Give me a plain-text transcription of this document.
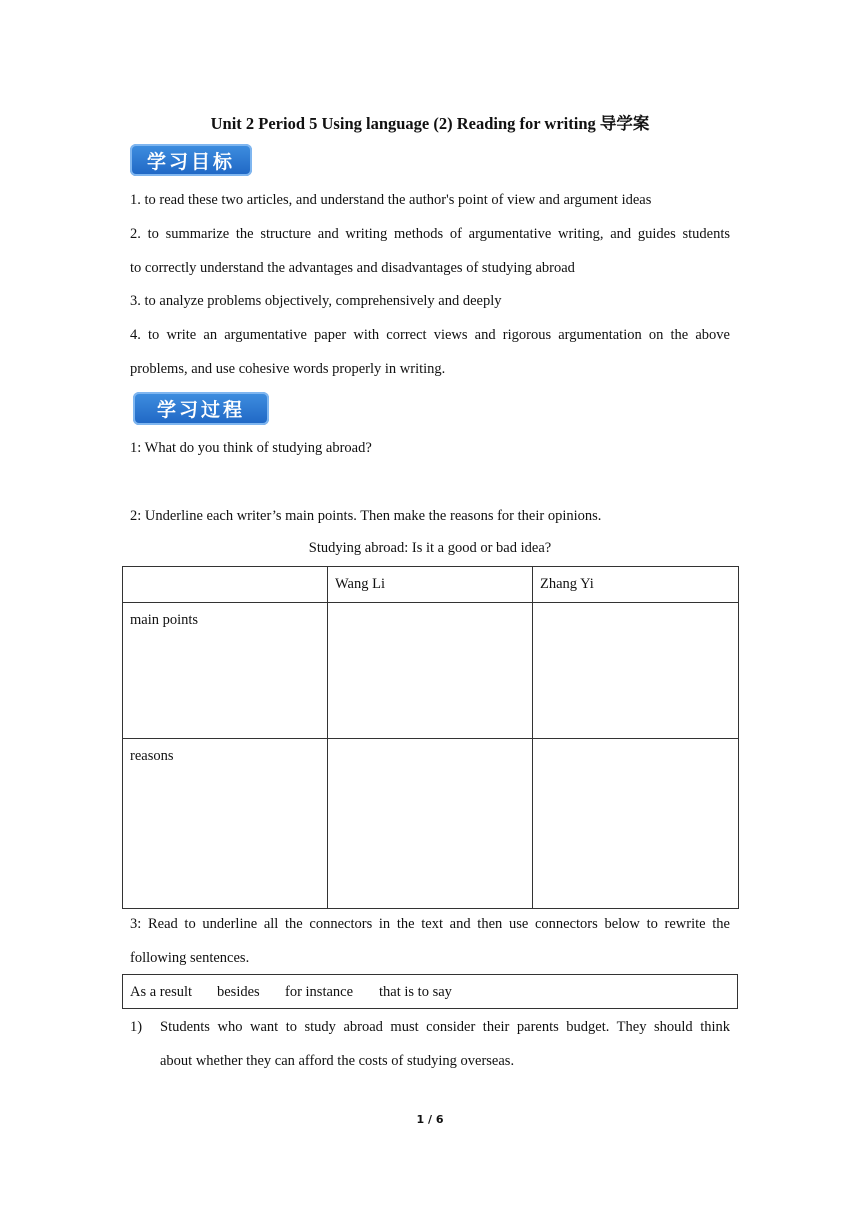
Unit 2 Period 5 Using language (2) Reading for writing 导学案
学习目标
1. to read these two articles, and understand the author's point of view and argument ideas
2. to summarize the structure and writing methods of argumentative writing, and guides students
to correctly understand the advantages and disadvantages of studying abroad
3. to analyze problems objectively, comprehensively and deeply
4. to write an argumentative paper with correct views and rigorous argumentation on the above
problems, and use cohesive words properly in writing.
学习过程
1: What do you think of studying abroad?
2: Underline each writer’s main points. Then make the reasons for their opinions.
Studying abroad: Is it a good or bad idea?
	Wang Li	Zhang Yi
main points		
reasons		
3: Read to underline all the connectors in the text and then use connectors below to rewrite the
following sentences.
As a result besides for instance that is to say
1) Students who want to study abroad must consider their parents budget. They should think
about whether they can afford the costs of studying overseas.
1 / 6
